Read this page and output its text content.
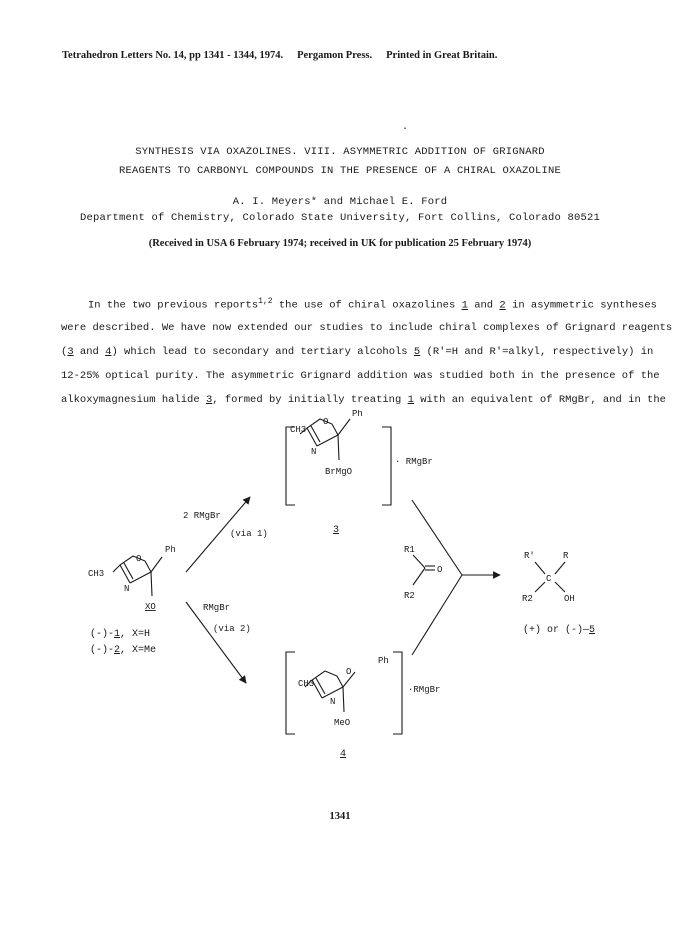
Tetrahedron Letters No. 14, pp 1341 - 1344, 1974. Pergamon Press. Printed in Great Britain.
.
SYNTHESIS VIA OXAZOLINES. VIII. ASYMMETRIC ADDITION OF GRIGNARD
REAGENTS TO CARBONYL COMPOUNDS IN THE PRESENCE OF A CHIRAL OXAZOLINE
A. I. Meyers* and Michael E. Ford
Department of Chemistry, Colorado State University, Fort Collins, Colorado 80521
(Received in USA 6 February 1974; received in UK for publication 25 February 1974)
In the two previous reports$^{1,2}$ the use of chiral oxazolines 1 and 2 in asymmetric syntheses
were described. We have now extended our studies to include chiral complexes of Grignard reagents
(3 and 4) which lead to secondary and tertiary alcohols 5 (R'=H and R'=alkyl, respectively) in
12-25% optical purity. The asymmetric Grignard addition was studied both in the presence of the
alkoxymagnesium halide 3, formed by initially treating 1 with an equivalent of RMgBr, and in the
Ph
O
N
CH3
XO
(-)-1, X=H
(-)-2, X=Me
2 RMgBr
(via 1)
Ph
O
N
CH3
BrMgO
· RMgBr
3
RMgBr
(via 2)
Ph
O
N
CH3
MeO
·RMgBr
4
R1
R2
O
R'	R
C
R2	OH
(+) or (-)—5
1341
